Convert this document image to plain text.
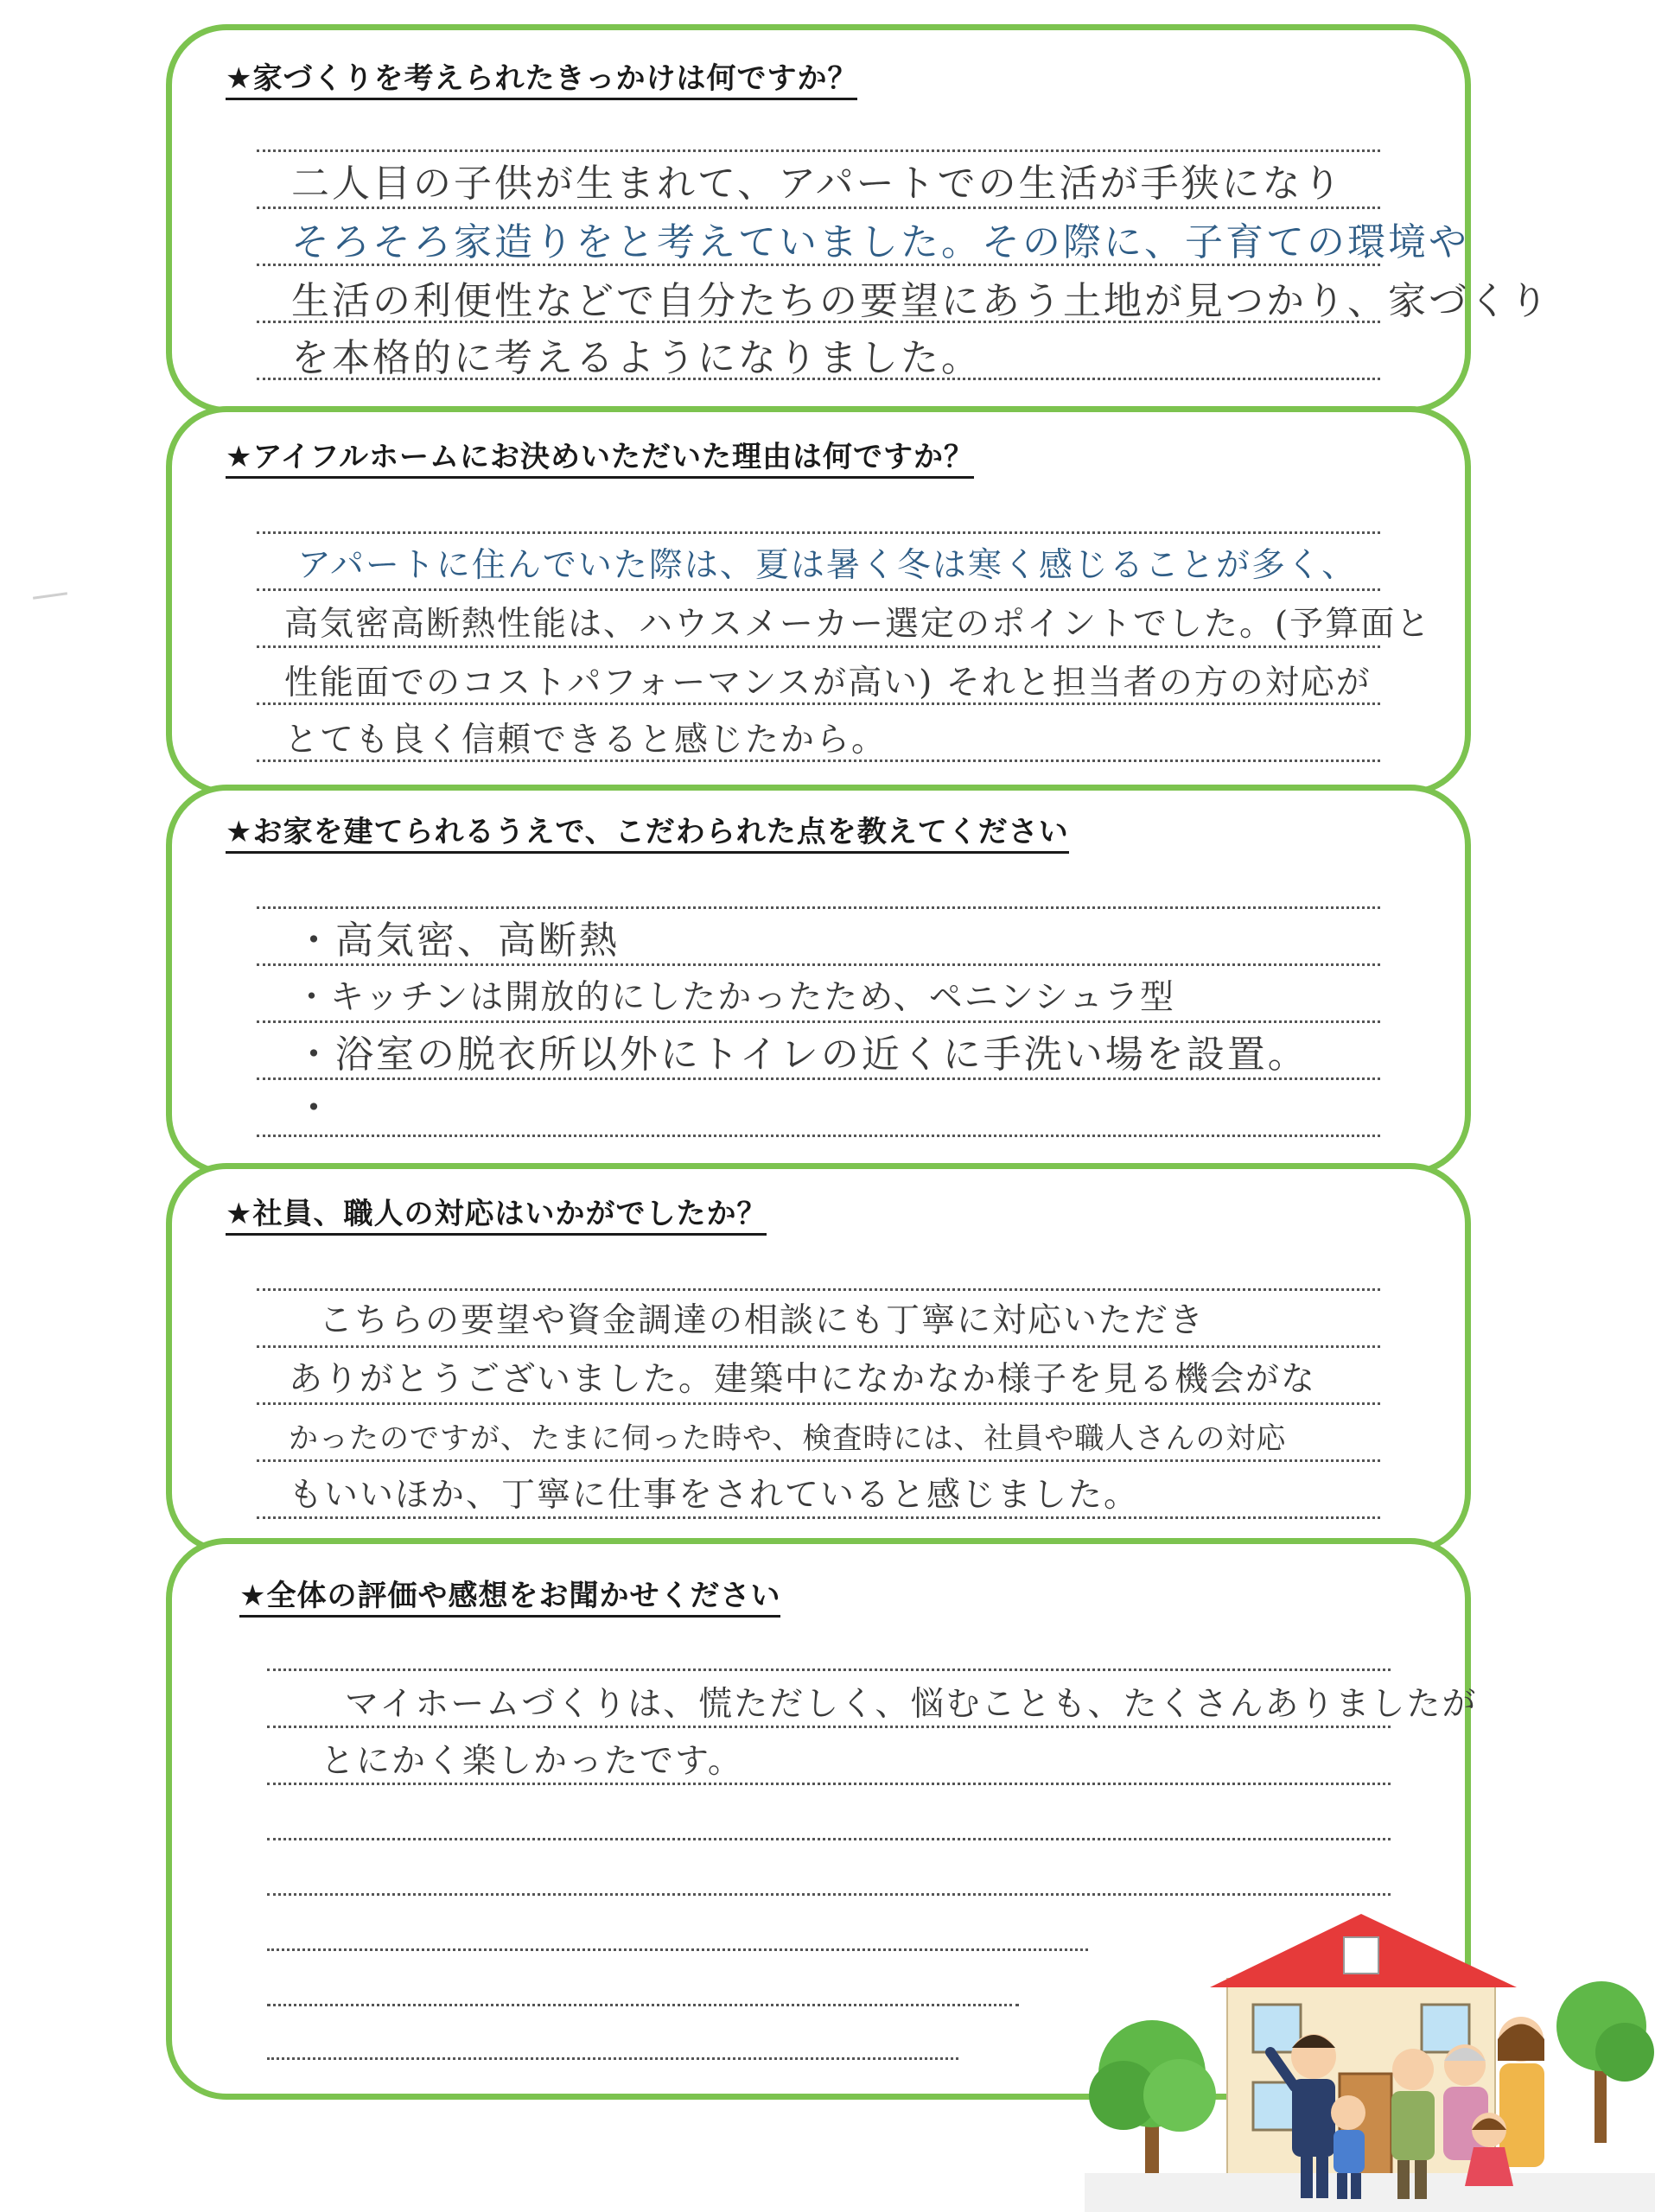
★家づくりを考えられたきっかけは何ですか？
二人目の子供が生まれて、アパートでの生活が手狭になり
そろそろ家造りをと考えていました。その際に、子育ての環境や
生活の利便性などで自分たちの要望にあう土地が見つかり、家づくり
を本格的に考えるようになりました。
★アイフルホームにお決めいただいた理由は何ですか？
アパートに住んでいた際は、夏は暑く冬は寒く感じることが多く、
高気密高断熱性能は、ハウスメーカー選定のポイントでした。(予算面と
性能面でのコストパフォーマンスが高い) それと担当者の方の対応が
とても良く信頼できると感じたから。
★お家を建てられるうえで、こだわられた点を教えてください
・高気密、高断熱
・キッチンは開放的にしたかったため、ペニンシュラ型
・浴室の脱衣所以外にトイレの近くに手洗い場を設置。
・
★社員、職人の対応はいかがでしたか？
こちらの要望や資金調達の相談にも丁寧に対応いただき
ありがとうございました。建築中になかなか様子を見る機会がな
かったのですが、たまに伺った時や、検査時には、社員や職人さんの対応
もいいほか、丁寧に仕事をされていると感じました。
★全体の評価や感想をお聞かせください
マイホームづくりは、慌ただしく、悩むことも、たくさんありましたが
とにかく楽しかったです。
